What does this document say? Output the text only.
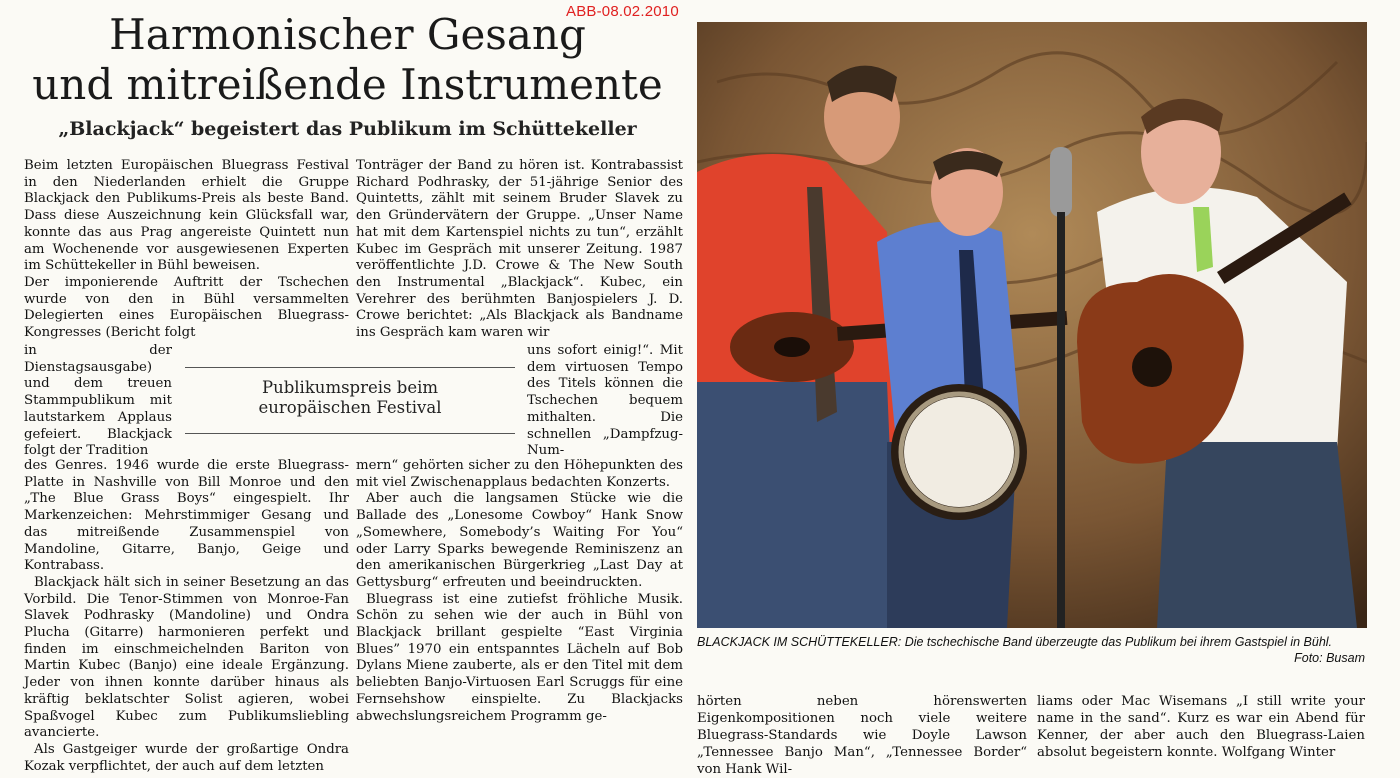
ABB-08.02.2010
Harmonischer Gesang
und mitreißende Instrumente
„Blackjack“ begeistert das Publikum im Schüttekeller

Beim letzten Europäischen Bluegrass Festival in den Niederlanden erhielt die Gruppe Blackjack den Publikums-Preis als beste Band. Dass diese Auszeichnung kein Glücksfall war, konnte das aus Prag angereiste Quintett nun am Wochenende vor ausgewiesenen Experten im Schüttekeller in Bühl beweisen.

Der imponierende Auftritt der Tschechen wurde von den in Bühl versammelten Delegierten eines Europäischen Bluegrass-Kongresses (Bericht folgt

in der Dienstagsausgabe) und dem treuen Stammpublikum mit lautstarkem Applaus gefeiert. Blackjack folgt der Tradition

Tonträger der Band zu hören ist. Kontrabassist Richard Podhrasky, der 51-jährige Senior des Quintetts, zählt mit seinem Bruder Slavek zu den Gründervätern der Gruppe. „Unser Name hat mit dem Kartenspiel nichts zu tun“, erzählt Kubec im Gespräch mit unserer Zeitung. 1987 veröffentlichte J.D. Crowe & The New South den Instrumental „Blackjack“. Kubec, ein Verehrer des berühmten Banjospielers J. D. Crowe berichtet: „Als Blackjack als Bandname ins Gespräch kam waren wir

uns sofort einig!“. Mit dem virtuosen Tempo des Titels können die Tschechen bequem mithalten. Die schnellen „Dampfzug-Num-
Publikumspreis beim
europäischen Festival

des Genres. 1946 wurde die erste Bluegrass-Platte in Nashville von Bill Monroe und den „The Blue Grass Boys“ eingespielt. Ihr Markenzeichen: Mehrstimmiger Gesang und das mitreißende Zusammenspiel von Mandoline, Gitarre, Banjo, Geige und Kontrabass.

Blackjack hält sich in seiner Besetzung an das Vorbild. Die Tenor-Stimmen von Monroe-Fan Slavek Podhrasky (Mandoline) und Ondra Plucha (Gitarre) harmonieren perfekt und finden im einschmeichelnden Bariton von Martin Kubec (Banjo) eine ideale Ergänzung. Jeder von ihnen konnte darüber hinaus als kräftig beklatschter Solist agieren, wobei Spaßvogel Kubec zum Publikumsliebling avancierte.

Als Gastgeiger wurde der großartige Ondra Kozak verpflichtet, der auch auf dem letzten

mern“ gehörten sicher zu den Höhepunkten des mit viel Zwischenapplaus bedachten Konzerts.

Aber auch die langsamen Stücke wie die Ballade des „Lonesome Cowboy“ Hank Snow „Somewhere, Somebody’s Waiting For You“ oder Larry Sparks bewegende Reminiszenz an den amerikanischen Bürgerkrieg „Last Day at Gettysburg“ erfreuten und beeindruckten.

Bluegrass ist eine zutiefst fröhliche Musik. Schön zu sehen wie der auch in Bühl von Blackjack brillant gespielte “East Virginia Blues” 1970 ein entspanntes Lächeln auf Bob Dylans Miene zauberte, als er den Titel mit dem beliebten Banjo-Virtuosen Earl Scruggs für eine Fernsehshow einspielte. Zu Blackjacks abwechslungsreichem Programm ge-

BLACKJACK IM SCHÜTTEKELLER: Die tschechische Band überzeugte das Publikum bei ihrem Gastspiel in Bühl.
Foto: Busam
hörten neben hörenswerten Eigenkompositionen noch viele weitere Bluegrass-Standards wie Doyle Lawson „Tennessee Banjo Man“, „Tennessee Border“ von Hank Wil-
liams oder Mac Wisemans „I still write your name in the sand“. Kurz es war ein Abend für Kenner, der aber auch den Bluegrass-Laien absolut begeistern konnte. Wolfgang Winter
